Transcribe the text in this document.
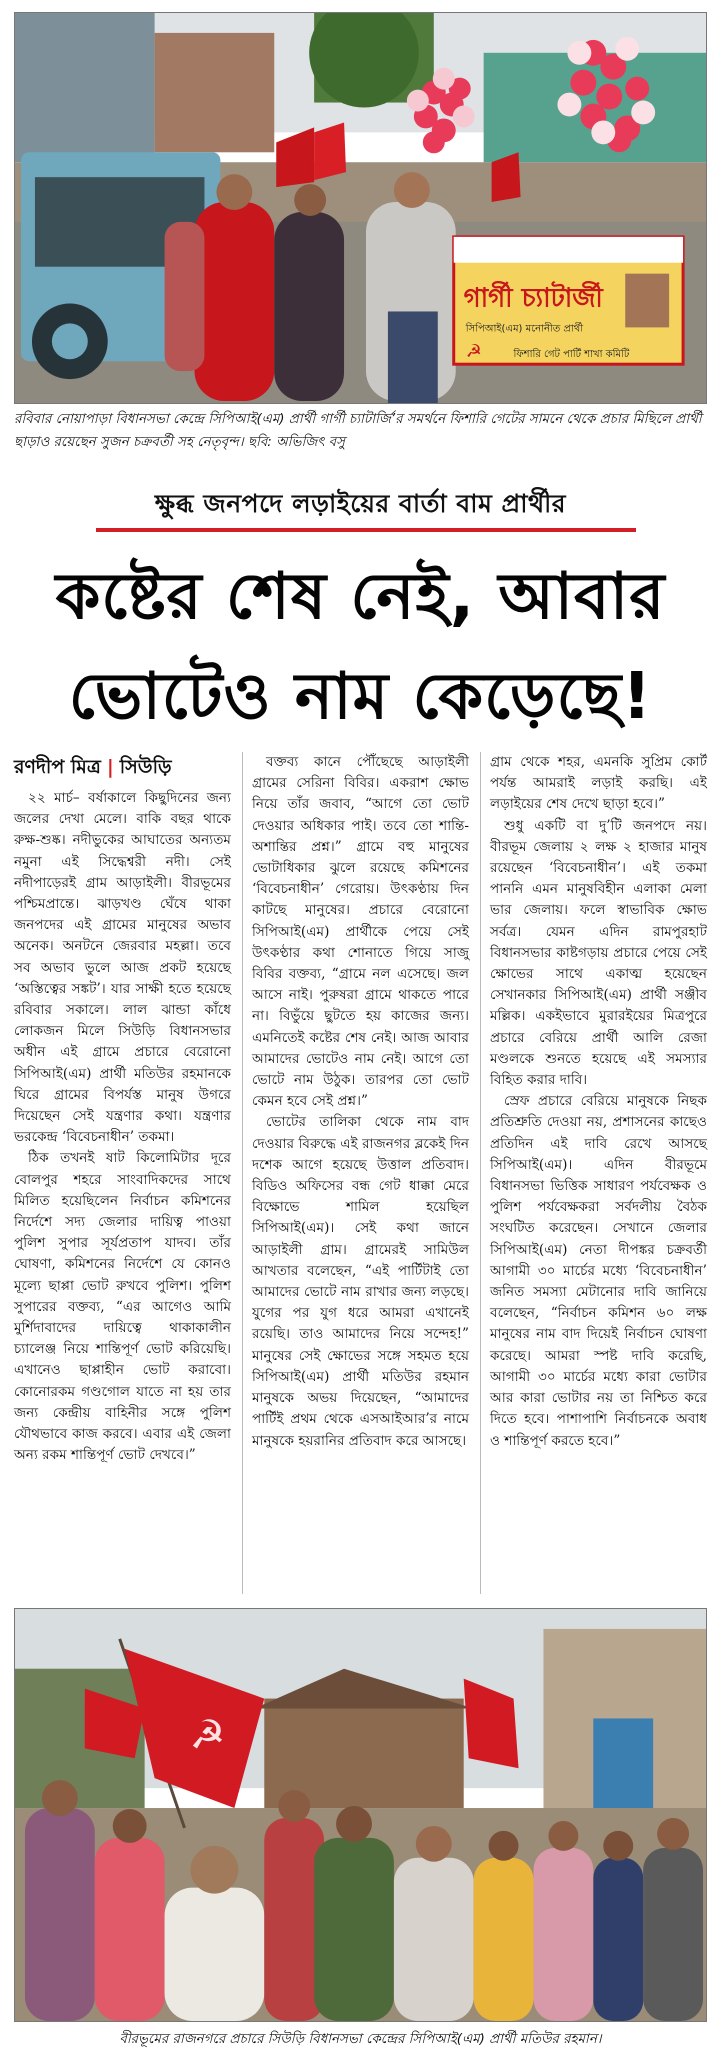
গার্গী চ্যাটার্জী
সিপিআই(এম) মনোনীত প্রার্থী
ফিশারি গেট পার্টি শাখা কমিটি
☭
রবিবার নোয়াপাড়া বিধানসভা কেন্দ্রে সিপিআই(এম) প্রার্থী গার্গী চ্যাটার্জি’র সমর্থনে ফিশারি গেটের সামনে থেকে প্রচার মিছিলে প্রার্থী ছাড়াও রয়েছেন সুজন চক্রবর্তী সহ নেতৃবৃন্দ। ছবি: অভিজিৎ বসু
ক্ষুব্ধ জনপদে লড়াইয়ের বার্তা বাম প্রার্থীর
কষ্টের শেষ নেই, আবার
ভোটেও নাম কেড়েছে!
রণদীপ মিত্র | সিউড়ি

২২ মার্চ– বর্ষাকালে কিছুদিনের জন্য জলের দেখা মেলে। বাকি বছর থাকে রুক্ষ-শুষ্ক। নদীভুকের আঘাতের অন্যতম নমুনা এই সিদ্ধেশ্বরী নদী। সেই নদীপাড়েরই গ্রাম আড়াইলী। বীরভূমের পশ্চিমপ্রান্তে। ঝাড়খণ্ড ঘেঁষে থাকা জনপদের এই গ্রামের মানুষের অভাব অনেক। অনটনে জেরবার মহল্লা। তবে সব অভাব ভুলে আজ প্রকট হয়েছে ‘অস্তিত্বের সঙ্কট’। যার সাক্ষী হতে হয়েছে রবিবার সকালে। লাল ঝান্ডা কাঁধে লোকজন মিলে সিউড়ি বিধানসভার অধীন এই গ্রামে প্রচারে বেরোনো সিপিআই(এম) প্রার্থী মতিউর রহমানকে ঘিরে গ্রামের বিপর্যস্ত মানুষ উগরে দিয়েছেন সেই যন্ত্রণার কথা। যন্ত্রণার ভরকেন্দ্র ‘বিবেচনাধীন’ তকমা।

ঠিক তখনই ষাট কিলোমিটার দূরে বোলপুর শহরে সাংবাদিকদের সাথে মিলিত হয়েছিলেন নির্বাচন কমিশনের নির্দেশে সদ্য জেলার দায়িত্ব পাওয়া পুলিশ সুপার সূর্যপ্রতাপ যাদব। তাঁর ঘোষণা, কমিশনের নির্দেশে যে কোনও মূল্যে ছাপ্পা ভোট রুখবে পুলিশ। পুলিশ সুপারের বক্তব্য, “এর আগেও আমি মুর্শিদাবাদের দায়িত্বে থাকাকালীন চ্যালেঞ্জ নিয়ে শান্তিপূর্ণ ভোট করিয়েছি। এখানেও ছাপ্পাহীন ভোট করাবো। কোনোরকম গণ্ডগোল যাতে না হয় তার জন্য কেন্দ্রীয় বাহিনীর সঙ্গে পুলিশ যৌথভাবে কাজ করবে। এবার এই জেলা অন্য রকম শান্তিপূর্ণ ভোট দেখবে।”

বক্তব্য কানে পৌঁছেছে আড়াইলী গ্রামের সেরিনা বিবির। একরাশ ক্ষোভ নিয়ে তাঁর জবাব, “আগে তো ভোট দেওয়ার অধিকার পাই। তবে তো শান্তি-অশান্তির প্রশ্ন।” গ্রামে বহু মানুষের ভোটাধিকার ঝুলে রয়েছে কমিশনের ‘বিবেচনাধীন’ গেরোয়। উৎকণ্ঠায় দিন কাটছে মানুষের। প্রচারে বেরোনো সিপিআই(এম) প্রার্থীকে পেয়ে সেই উৎকণ্ঠার কথা শোনাতে গিয়ে সাজু বিবির বক্তব্য, “গ্রামে নল এসেছে। জল আসে নাই। পুরুষরা গ্রামে থাকতে পারে না। বিভুঁয়ে ছুটতে হয় কাজের জন্য। এমনিতেই কষ্টের শেষ নেই। আজ আবার আমাদের ভোটেও নাম নেই। আগে তো ভোটে নাম উঠুক। তারপর তো ভোট কেমন হবে সেই প্রশ্ন।”

ভোটের তালিকা থেকে নাম বাদ দেওয়ার বিরুদ্ধে এই রাজনগর ব্লকেই দিন দশেক আগে হয়েছে উত্তাল প্রতিবাদ। বিডিও অফিসের বন্ধ গেট ধাক্কা মেরে বিক্ষোভে শামিল হয়েছিল সিপিআই(এম)। সেই কথা জানে আড়াইলী গ্রাম। গ্রামেরই সামিউল আখতার বলেছেন, “এই পার্টিটাই তো আমাদের ভোটে নাম রাখার জন্য লড়ছে। যুগের পর যুগ ধরে আমরা এখানেই রয়েছি। তাও আমাদের নিয়ে সন্দেহ!” মানুষের সেই ক্ষোভের সঙ্গে সহমত হয়ে সিপিআই(এম) প্রার্থী মতিউর রহমান মানুষকে অভয় দিয়েছেন, “আমাদের পার্টিই প্রথম থেকে এসআইআর’র নামে মানুষকে হয়রানির প্রতিবাদ করে আসছে।

গ্রাম থেকে শহর, এমনকি সুপ্রিম কোর্ট পর্যন্ত আমরাই লড়াই করছি। এই লড়াইয়ের শেষ দেখে ছাড়া হবে।”

শুধু একটি বা দু’টি জনপদে নয়। বীরভূম জেলায় ২ লক্ষ ২ হাজার মানুষ রয়েছেন ‘বিবেচনাধীন’। এই তকমা পাননি এমন মানুষবিহীন এলাকা মেলা ভার জেলায়। ফলে স্বাভাবিক ক্ষোভ সর্বত্র। যেমন এদিন রামপুরহাট বিধানসভার কাষ্টগড়ায় প্রচারে পেয়ে সেই ক্ষোভের সাথে একাত্ম হয়েছেন সেখানকার সিপিআই(এম) প্রার্থী সঞ্জীব মল্লিক। একইভাবে মুরারইয়ের মিত্রপুরে প্রচারে বেরিয়ে প্রার্থী আলি রেজা মণ্ডলকে শুনতে হয়েছে এই সমস্যার বিহিত করার দাবি।

স্রেফ প্রচারে বেরিয়ে মানুষকে নিছক প্রতিশ্রুতি দেওয়া নয়, প্রশাসনের কাছেও প্রতিদিন এই দাবি রেখে আসছে সিপিআই(এম)। এদিন বীরভূমে বিধানসভা ভিত্তিক সাধারণ পর্যবেক্ষক ও পুলিশ পর্যবেক্ষকরা সর্বদলীয় বৈঠক সংঘটিত করেছেন। সেখানে জেলার সিপিআই(এম) নেতা দীপঙ্কর চক্রবর্তী আগামী ৩০ মার্চের মধ্যে ‘বিবেচনাধীন’ জনিত সমস্যা মেটানোর দাবি জানিয়ে বলেছেন, “নির্বাচন কমিশন ৬০ লক্ষ মানুষের নাম বাদ দিয়েই নির্বাচন ঘোষণা করেছে। আমরা স্পষ্ট দাবি করেছি, আগামী ৩০ মার্চের মধ্যে কারা ভোটার আর কারা ভোটার নয় তা নিশ্চিত করে দিতে হবে। পাশাপাশি নির্বাচনকে অবাধ ও শান্তিপূর্ণ করতে হবে।”

☭
বীরভূমের রাজনগরে প্রচারে সিউড়ি বিধানসভা কেন্দ্রের সিপিআই(এম) প্রার্থী মতিউর রহমান।
